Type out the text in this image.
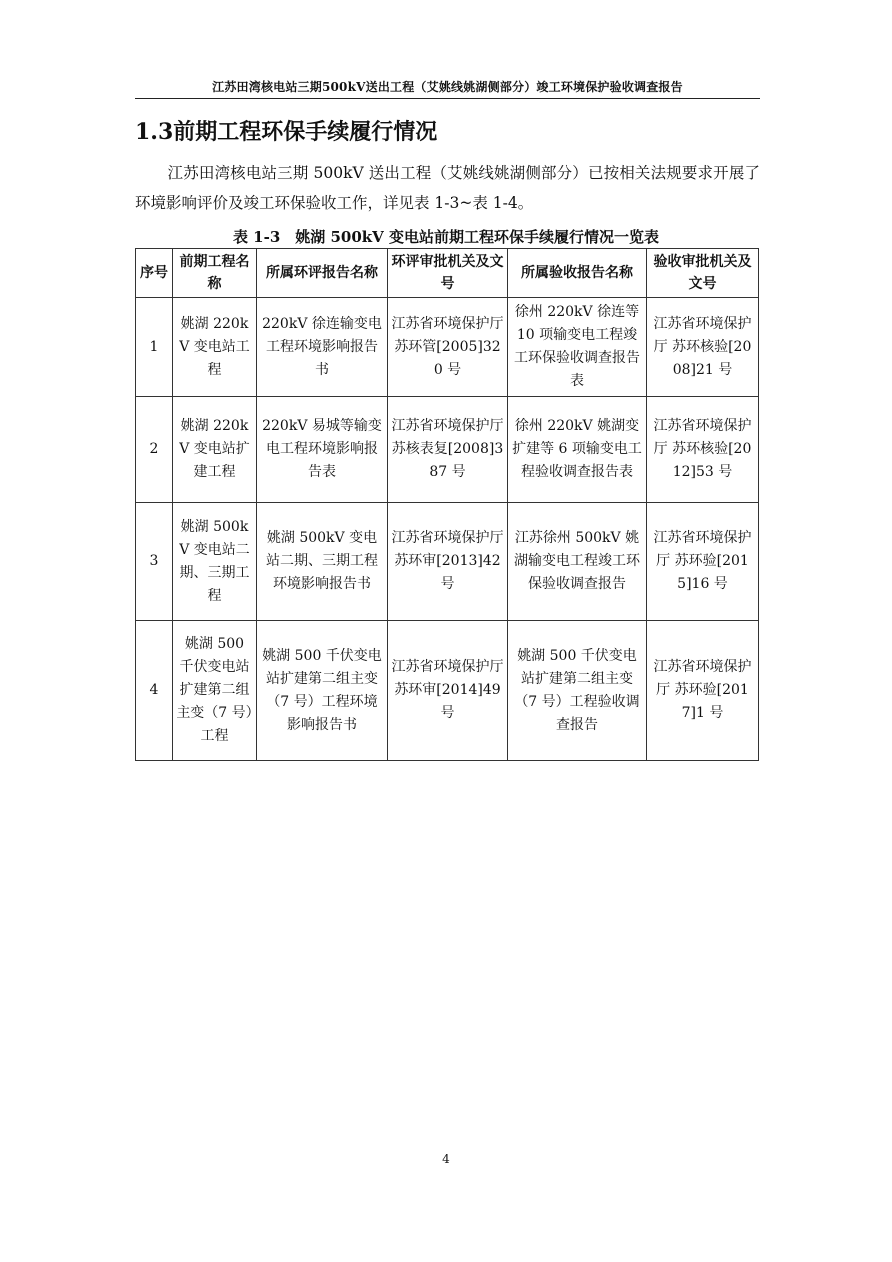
江苏田湾核电站三期500kV送出工程（艾姚线姚湖侧部分）竣工环境保护验收调查报告
1.3前期工程环保手续履行情况

江苏田湾核电站三期 500kV 送出工程（艾姚线姚湖侧部分）已按相关法规要求开展了环境影响评价及竣工环保验收工作，详见表 1-3~表 1-4。

表 1-3　姚湖 500kV 变电站前期工程环保手续履行情况一览表
序号	前期工程名称	所属环评报告名称	环评审批机关及文号	所属验收报告名称	验收审批机关及文号
1	姚湖 220kV 变电站工程	220kV 徐连输变电工程环境影响报告书	江苏省环境保护厅 苏环管[2005]320 号	徐州 220kV 徐连等 10 项输变电工程竣工环保验收调查报告表	江苏省环境保护厅 苏环核验[2008]21 号
2	姚湖 220kV 变电站扩建工程	220kV 易城等输变电工程环境影响报告表	江苏省环境保护厅 苏核表复[2008]387 号	徐州 220kV 姚湖变扩建等 6 项输变电工程验收调查报告表	江苏省环境保护厅 苏环核验[2012]53 号
3	姚湖 500kV 变电站二期、三期工程	姚湖 500kV 变电站二期、三期工程环境影响报告书	江苏省环境保护厅 苏环审[2013]42 号	江苏徐州 500kV 姚湖输变电工程竣工环保验收调查报告	江苏省环境保护厅 苏环验[2015]16 号
4	姚湖 500 千伏变电站扩建第二组主变（7 号）工程	姚湖 500 千伏变电站扩建第二组主变（7 号）工程环境影响报告书	江苏省环境保护厅 苏环审[2014]49 号	姚湖 500 千伏变电站扩建第二组主变（7 号）工程验收调查报告	江苏省环境保护厅 苏环验[2017]1 号
4
